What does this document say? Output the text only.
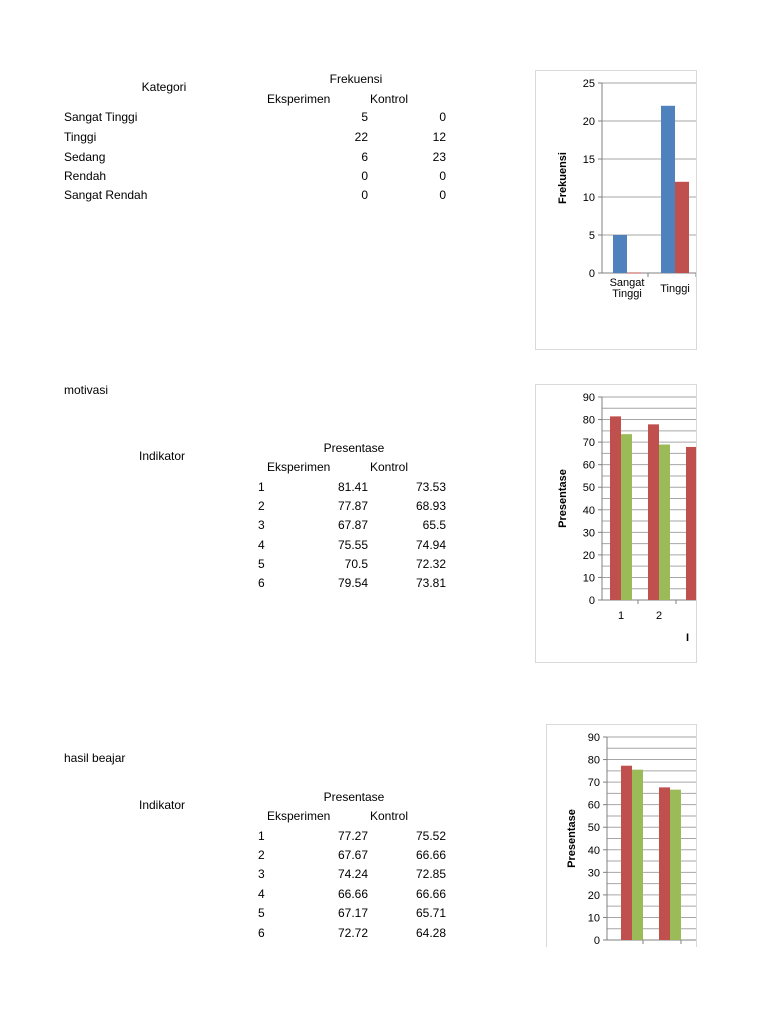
Kategori
Frekuensi
Eksperimen	Kontrol
Sangat Tinggi	5	0
Tinggi	22	12
Sedang	6	23
Rendah	0	0
Sangat Rendah	0	0
motivasi
Indikator
Presentase
Eksperimen	Kontrol
1	81.41	73.53
2	77.87	68.93
3	67.87	65.5
4	75.55	74.94
5	70.5	72.32
6	79.54	73.81
hasil beajar
Indikator
Presentase
Eksperimen	Kontrol
1	77.27	75.52
2	67.67	66.66
3	74.24	72.85
4	66.66	66.66
5	67.17	65.71
6	72.72	64.28
0
5
10
15
20
25
Frekuensi
Sangat
Tinggi Tinggi
0
10
20
30
40
50
60
70
80
90
Presentase
1	2
I
0
10
20
30
40
50
60
70
80
90
Presentase
